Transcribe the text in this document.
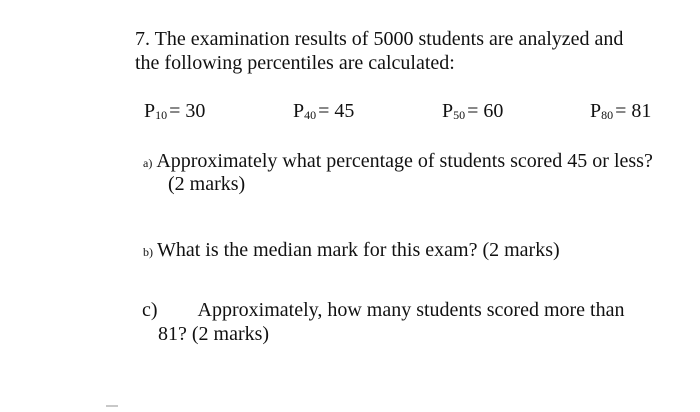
7. The examination results of 5000 students are analyzed and
the following percentiles are calculated:
$P_{10} = 30$	$P_{40} = 45$	$P_{50} = 60$	$P_{80} = 81$
a) Approximately what percentage of students scored 45 or less?
(2 marks)
b) What is the median mark for this exam? (2 marks)
c) Approximately, how many students scored more than
81? (2 marks)
